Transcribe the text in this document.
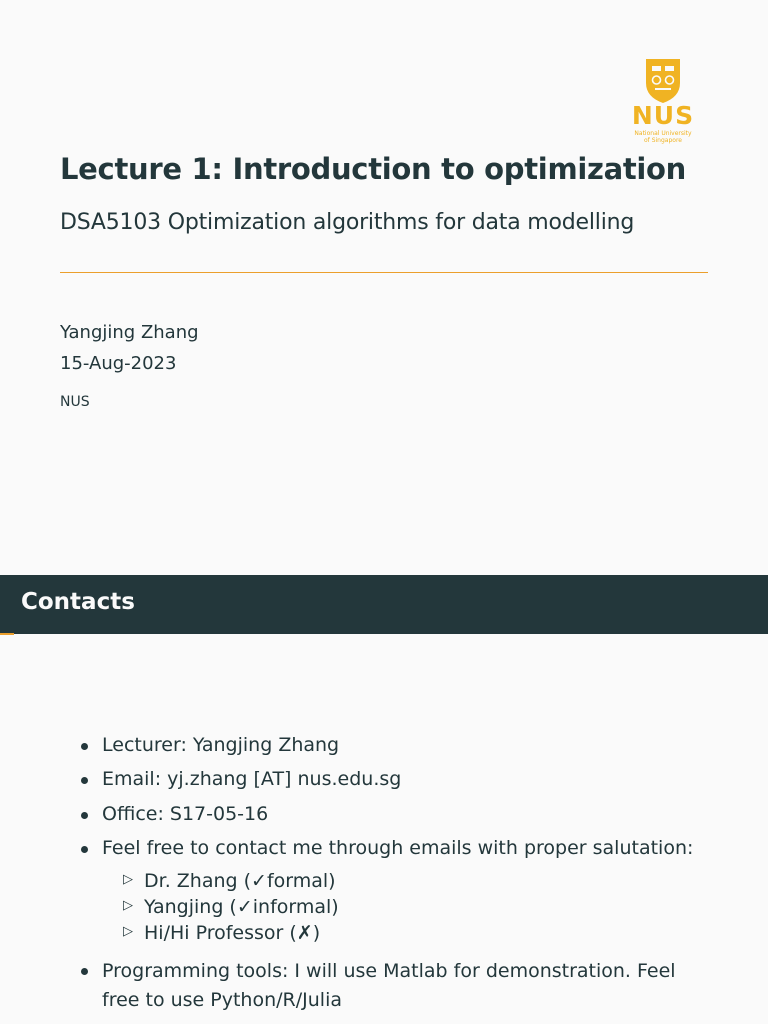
NUS
National University
of Singapore
Lecture 1: Introduction to optimization
DSA5103 Optimization algorithms for data modelling
Yangjing Zhang
15-Aug-2023
NUS
Contacts
Lecturer: Yangjing Zhang
Email: yj.zhang [AT] nus.edu.sg
Office: S17-05-16
Feel free to contact me through emails with proper salutation:
▷ Dr. Zhang (✓formal)
▷ Yangjing (✓informal)
▷ Hi/Hi Professor (✗)
Programming tools: I will use Matlab for demonstration. Feel free to use Python/R/Julia
